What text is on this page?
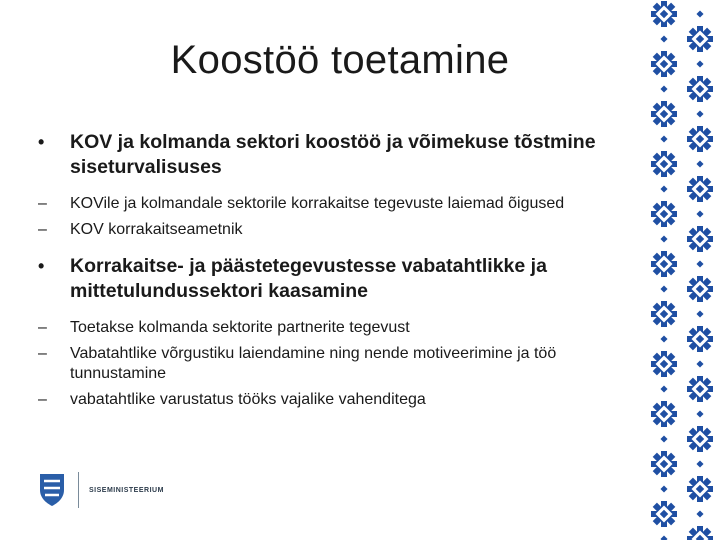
Koostöö toetamine
• KOV ja kolmanda sektori koostöö ja võimekuse tõstmine siseturvalisuses
– KOVile ja kolmandale sektorile korrakaitse tegevuste laiemad õigused
– KOV korrakaitseametnik
• Korrakaitse- ja päästetegevustesse vabatahtlikke ja mittetulundussektori kaasamine
– Toetakse kolmanda sektorite partnerite tegevust
– Vabatahtlike võrgustiku laiendamine ning nende motiveerimine ja töö tunnustamine
– vabatahtlike varustatus tööks vajalike vahenditega
SISEMINISTEERIUM
